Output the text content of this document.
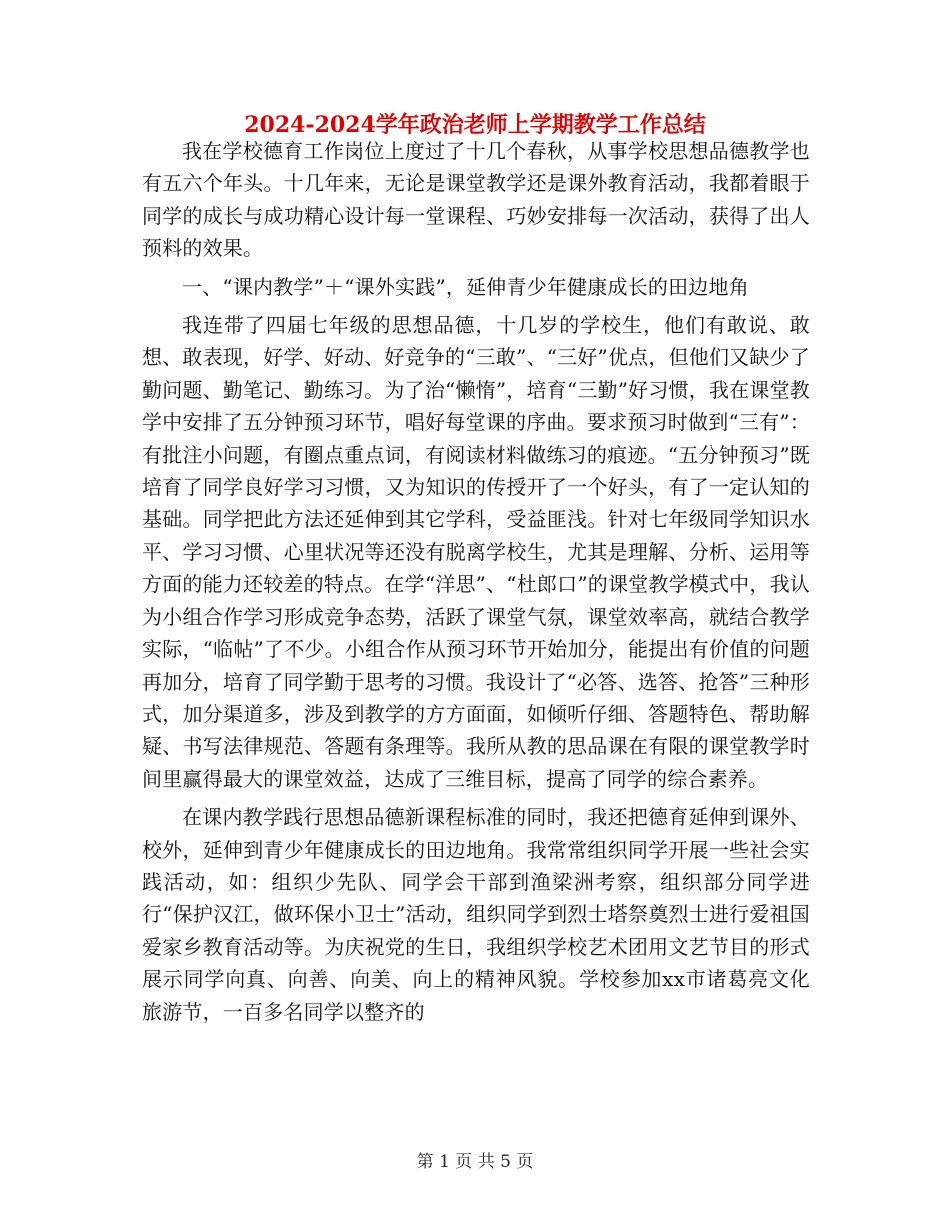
2024-2024学年政治老师上学期教学工作总结

我在学校德育工作岗位上度过了十几个春秋，从事学校思想品德教学也有五六个年头。十几年来，无论是课堂教学还是课外教育活动，我都着眼于同学的成长与成功精心设计每一堂课程、巧妙安排每一次活动，获得了出人预料的效果。

一、“课内教学”＋“课外实践”，延伸青少年健康成长的田边地角

我连带了四届七年级的思想品德，十几岁的学校生，他们有敢说、敢想、敢表现，好学、好动、好竞争的“三敢”、“三好”优点，但他们又缺少了勤问题、勤笔记、勤练习。为了治“懒惰”，培育“三勤”好习惯，我在课堂教学中安排了五分钟预习环节，唱好每堂课的序曲。要求预习时做到“三有”：有批注小问题，有圈点重点词，有阅读材料做练习的痕迹。“五分钟预习”既培育了同学良好学习习惯，又为知识的传授开了一个好头，有了一定认知的基础。同学把此方法还延伸到其它学科，受益匪浅。针对七年级同学知识水平、学习习惯、心里状况等还没有脱离学校生，尤其是理解、分析、运用等方面的能力还较差的特点。在学“洋思”、“杜郎口”的课堂教学模式中，我认为小组合作学习形成竞争态势，活跃了课堂气氛，课堂效率高，就结合教学实际，“临帖”了不少。小组合作从预习环节开始加分，能提出有价值的问题再加分，培育了同学勤于思考的习惯。我设计了“必答、选答、抢答”三种形式，加分渠道多，涉及到教学的方方面面，如倾听仔细、答题特色、帮助解疑、书写法律规范、答题有条理等。我所从教的思品课在有限的课堂教学时间里赢得最大的课堂效益，达成了三维目标，提高了同学的综合素养。

在课内教学践行思想品德新课程标准的同时，我还把德育延伸到课外、校外，延伸到青少年健康成长的田边地角。我常常组织同学开展一些社会实践活动，如：组织少先队、同学会干部到渔梁洲考察，组织部分同学进行“保护汉江，做环保小卫士”活动，组织同学到烈士塔祭奠烈士进行爱祖国爱家乡教育活动等。为庆祝党的生日，我组织学校艺术团用文艺节目的形式展示同学向真、向善、向美、向上的精神风貌。学校参加xx市诸葛亮文化旅游节，一百多名同学以整齐的

第 1 页 共 5 页
